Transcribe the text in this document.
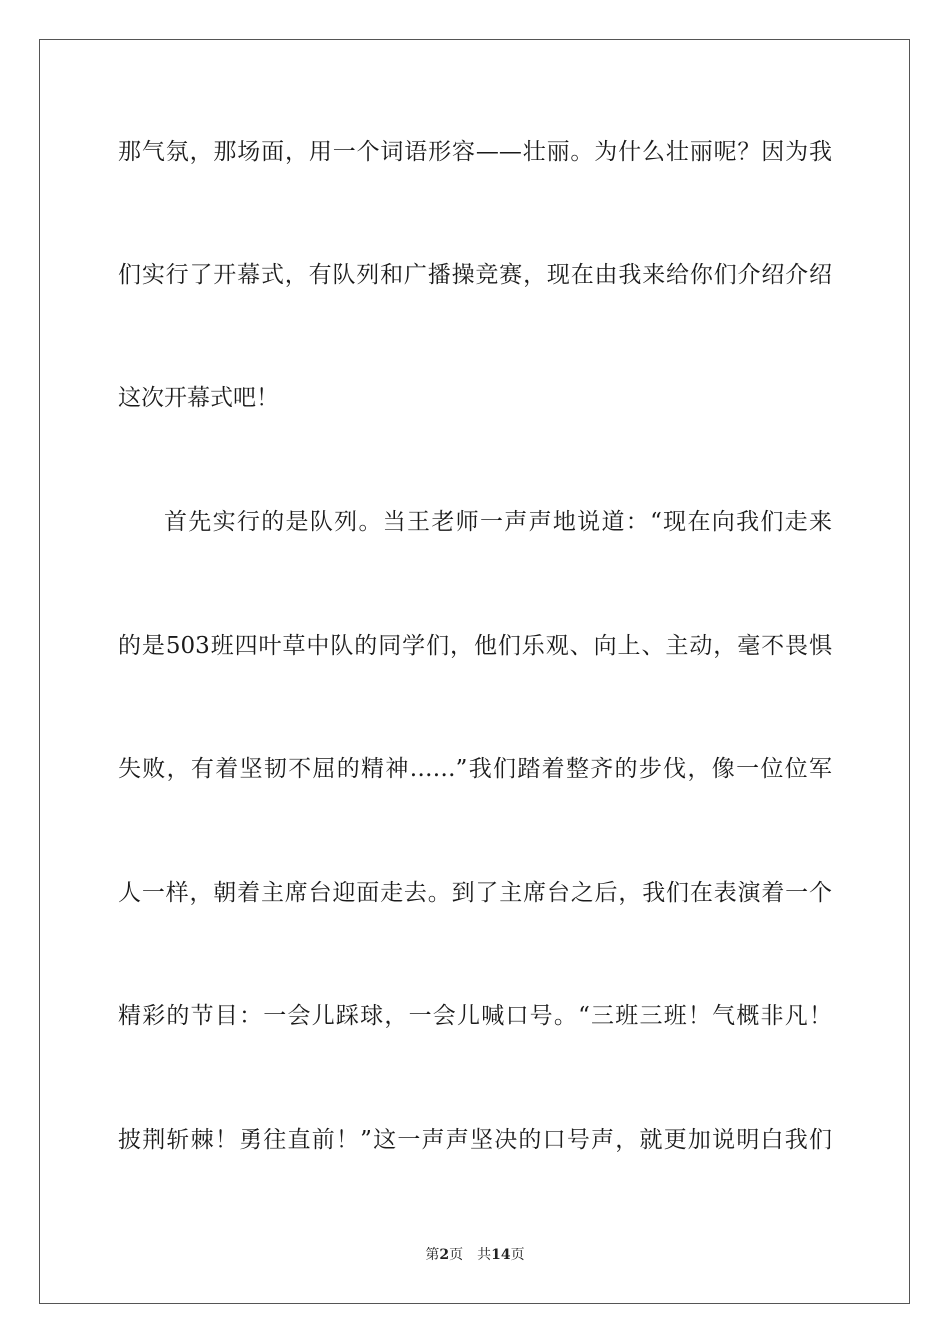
那气氛，那场面，用一个词语形容——壮丽。为什么壮丽呢？因为我
们实行了开幕式，有队列和广播操竞赛，现在由我来给你们介绍介绍
这次开幕式吧！
首先实行的是队列。当王老师一声声地说道：“现在向我们走来
的是503班四叶草中队的同学们，他们乐观、向上、主动，毫不畏惧
失败，有着坚韧不屈的精神……”我们踏着整齐的步伐，像一位位军
人一样，朝着主席台迎面走去。到了主席台之后，我们在表演着一个
精彩的节目：一会儿踩球，一会儿喊口号。“三班三班！气概非凡！
披荆斩棘！勇往直前！”这一声声坚决的口号声，就更加说明白我们
第2页 共14页
